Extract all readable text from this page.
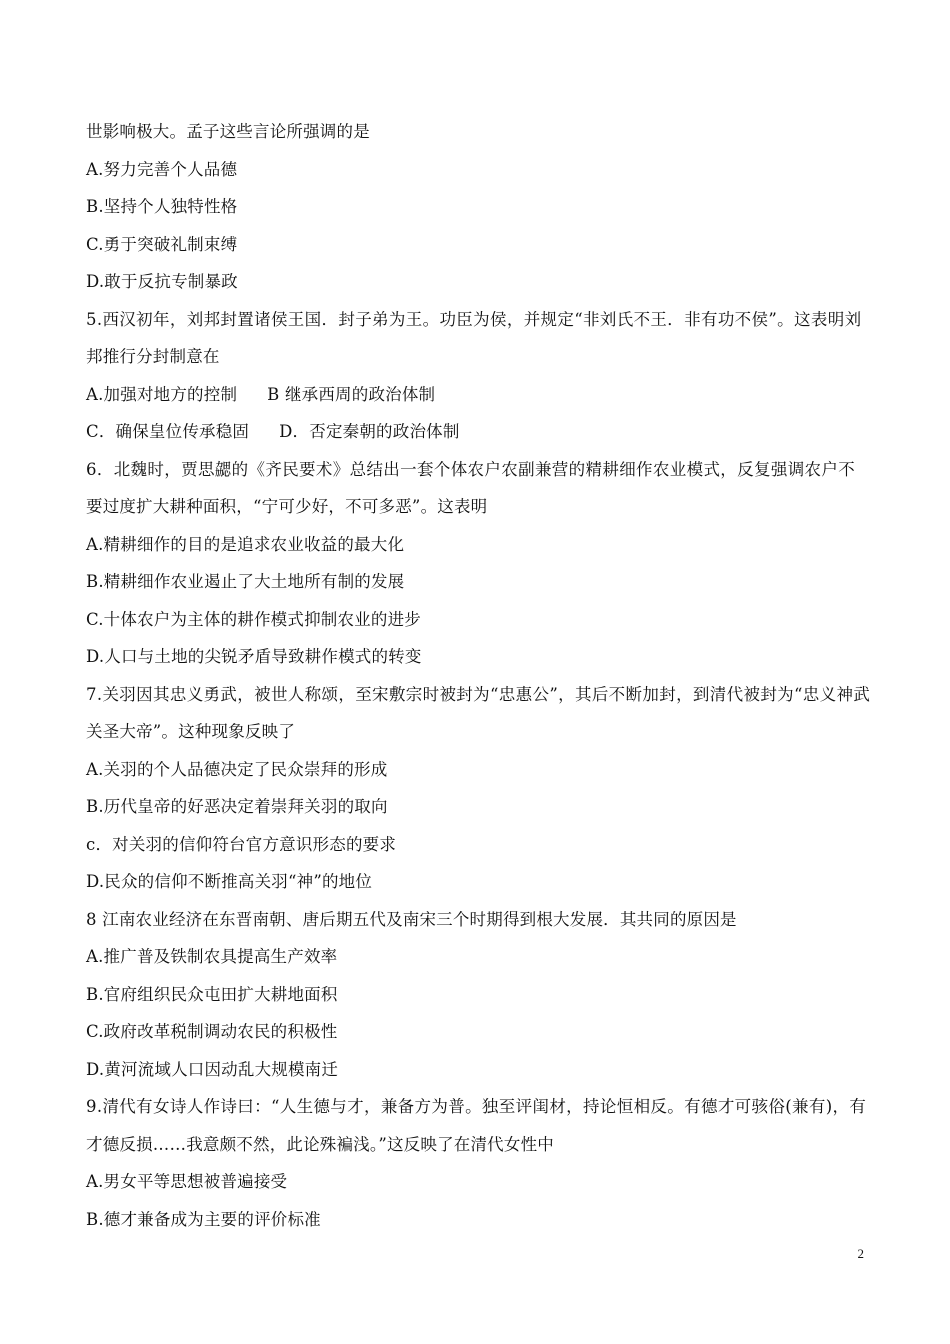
世影响极大。孟子这些言论所强调的是
A.努力完善个人品德
B.坚持个人独特性格
C.勇于突破礼制束缚
D.敢于反抗专制暴政
5.西汉初年，刘邦封置诸侯王国．封子弟为王。功臣为侯，并规定“非刘氏不王．非有功不侯”。这表明刘
邦推行分封制意在
A.加强对地方的控制 B 继承西周的政治体制
C．确保皇位传承稳固 D．否定秦朝的政治体制
6．北魏时，贾思勰的《齐民要术》总结出一套个体农户农副兼营的精耕细作农业模式，反复强调农户不
要过度扩大耕种面积，“宁可少好，不可多恶”。这表明
A.精耕细作的目的是追求农业收益的最大化
B.精耕细作农业遏止了大土地所有制的发展
C.十体农户为主体的耕作模式抑制农业的进步
D.人口与土地的尖锐矛盾导致耕作模式的转变
7.关羽因其忠义勇武，被世人称颂，至宋敷宗时被封为“忠惠公”，其后不断加封，到清代被封为“忠义神武
关圣大帝”。这种现象反映了
A.关羽的个人品德决定了民众崇拜的形成
B.历代皇帝的好恶决定着崇拜关羽的取向
c．对关羽的信仰符台官方意识形态的要求
D.民众的信仰不断推高关羽“神”的地位
8 江南农业经济在东晋南朝、唐后期五代及南宋三个时期得到根大发展．其共同的原因是
A.推广普及铁制农具提高生产效率
B.官府组织民众屯田扩大耕地面积
C.政府改革税制调动农民的积极性
D.黄河流域人口因动乱大规模南迁
9.清代有女诗人作诗曰：“人生德与才，兼备方为普。独至评闺材，持论恒相反。有德才可骇俗(兼有)，有
才德反损……我意颇不然，此论殊褊浅。”这反映了在清代女性中
A.男女平等思想被普遍接受
B.德才兼备成为主要的评价标准
2
